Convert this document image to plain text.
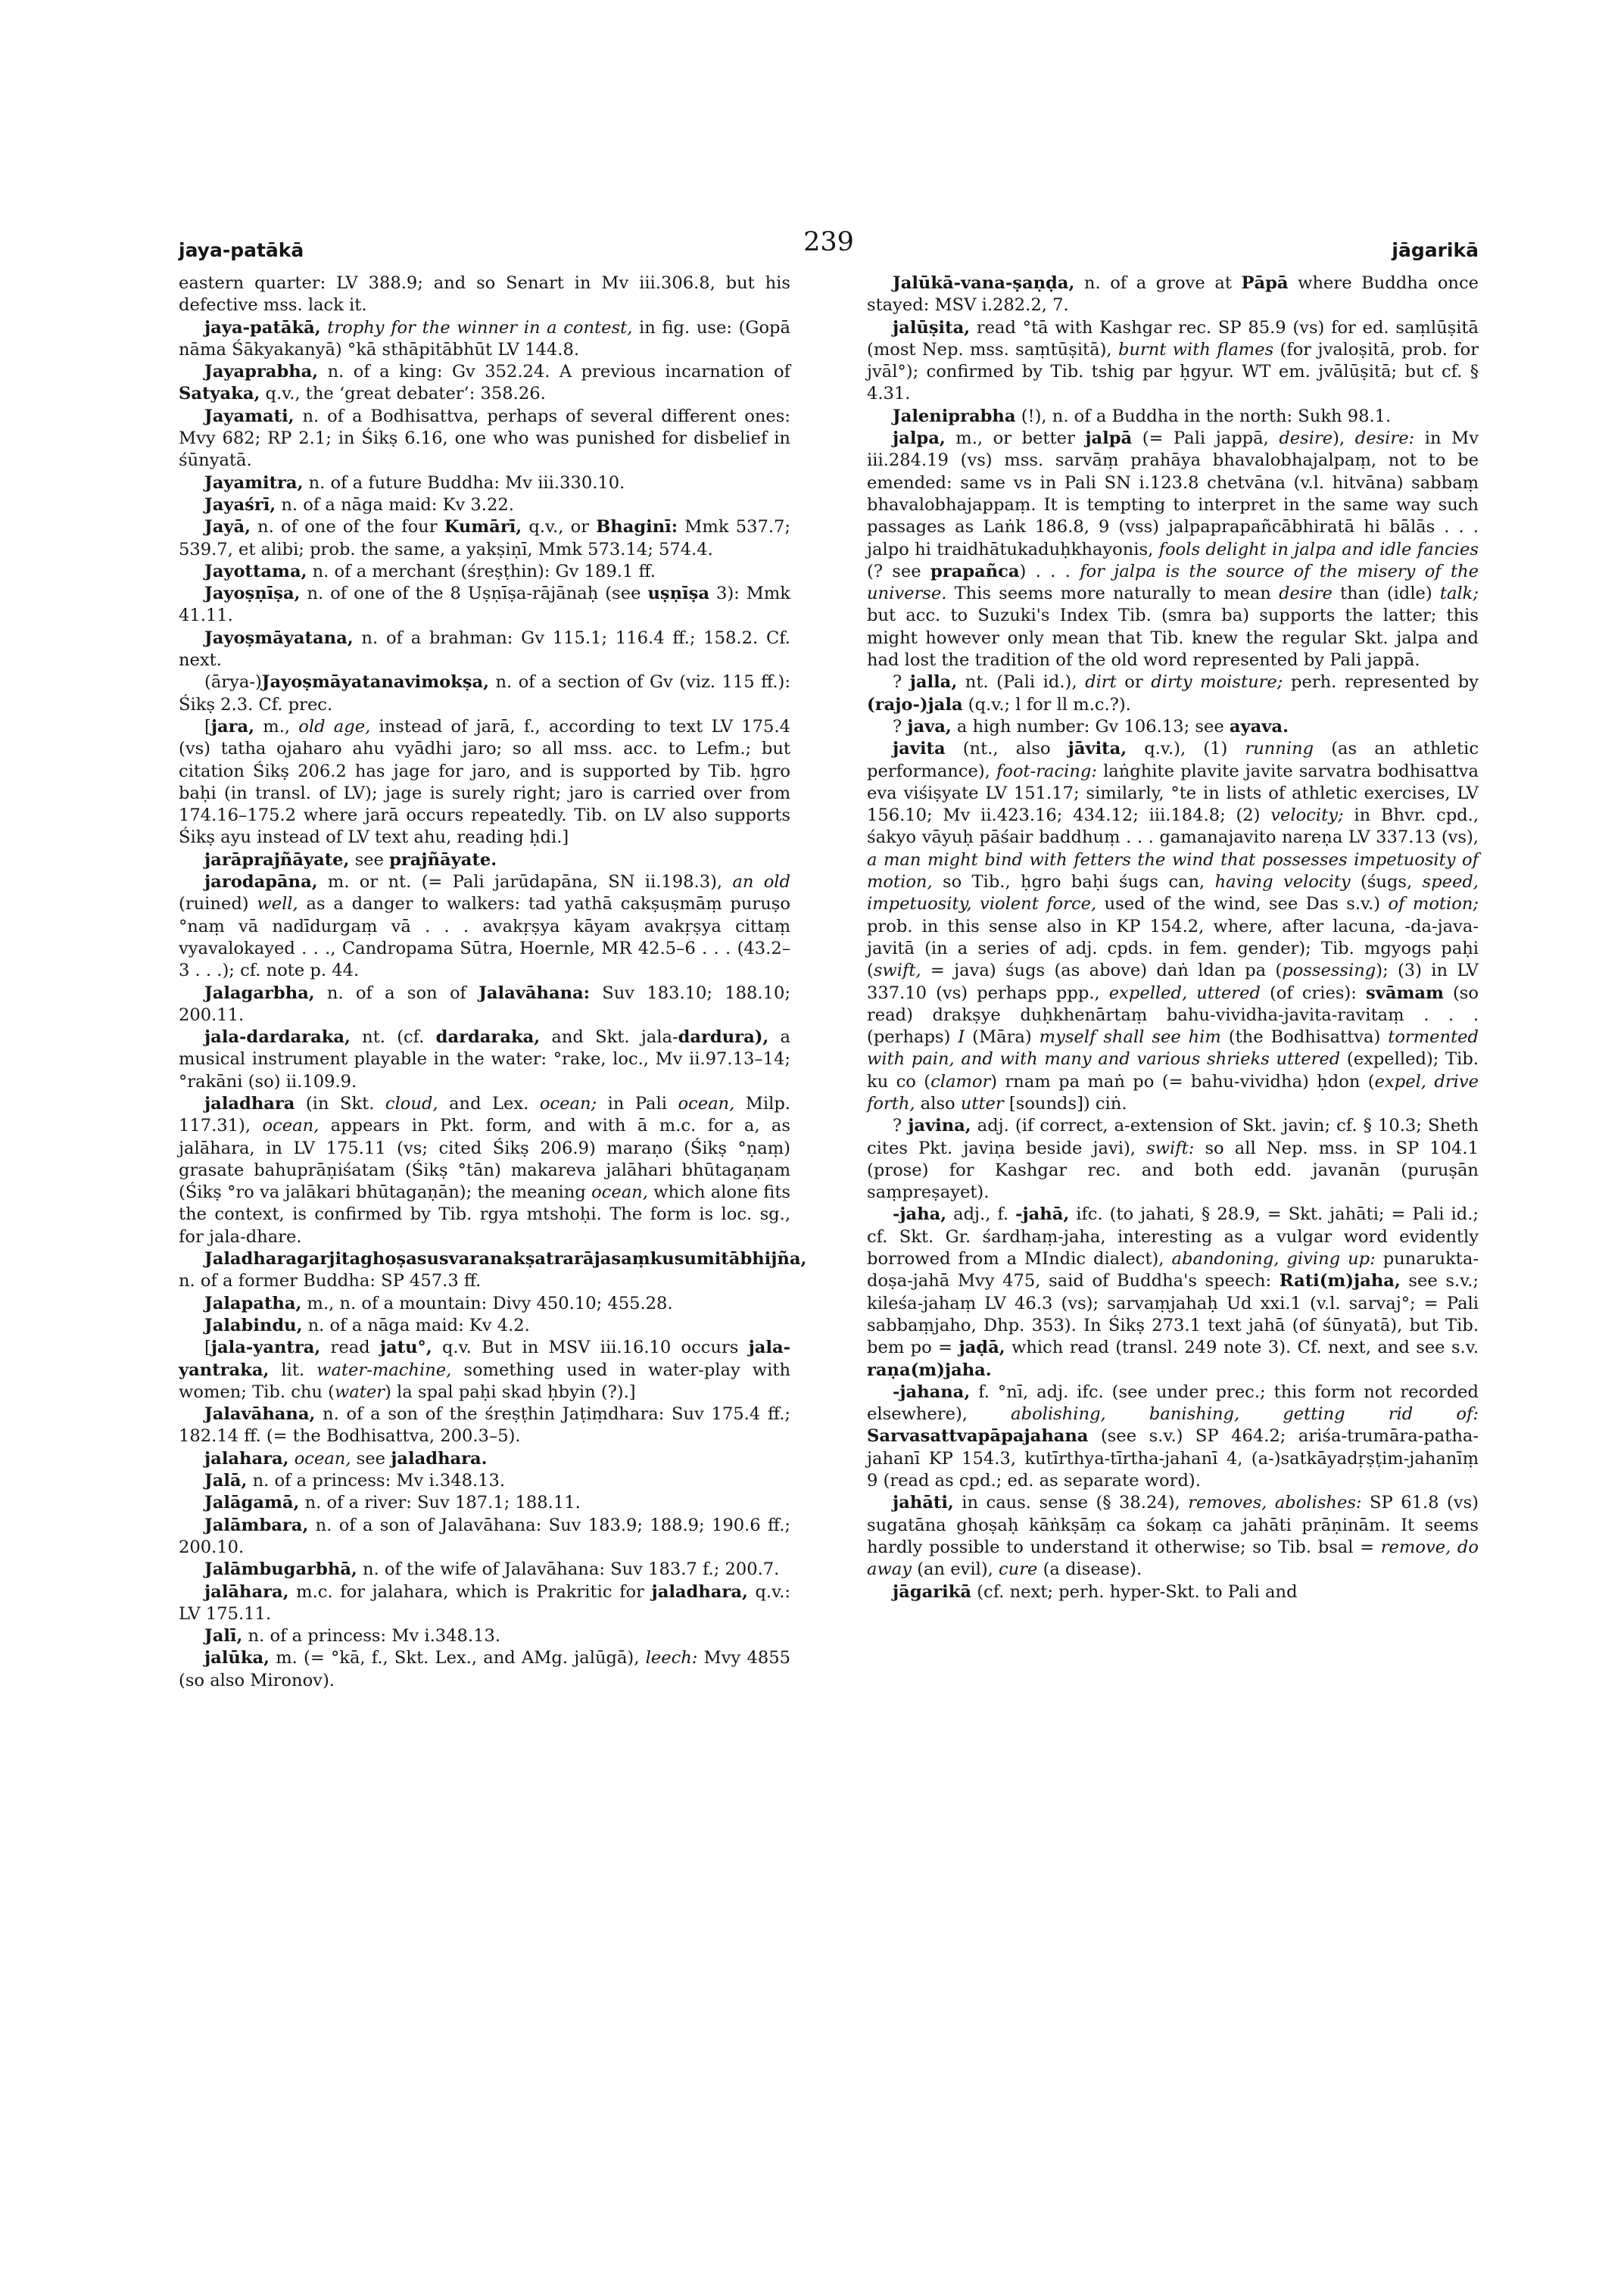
jaya-patākā	239	jāgarikā

eastern quarter: LV 388.9; and so Senart in Mv iii.306.8, but his defective mss. lack it.

jaya-patākā, trophy for the winner in a contest, in fig. use: (Gopā nāma Śākyakanyā) °kā sthāpitābhūt LV 144.8.

Jayaprabha, n. of a king: Gv 352.24. A previous incarnation of Satyaka, q.v., the ‘great debater’: 358.26.

Jayamati, n. of a Bodhisattva, perhaps of several different ones: Mvy 682; RP 2.1; in Śikṣ 6.16, one who was punished for disbelief in śūnyatā.

Jayamitra, n. of a future Buddha: Mv iii.330.10.

Jayaśrī, n. of a nāga maid: Kv 3.22.

Jayā, n. of one of the four Kumārī, q.v., or Bhaginī: Mmk 537.7; 539.7, et alibi; prob. the same, a yakṣiṇī, Mmk 573.14; 574.4.

Jayottama, n. of a merchant (śreṣṭhin): Gv 189.1 ff.

Jayoṣṇīṣa, n. of one of the 8 Uṣṇīṣa-rājānaḥ (see uṣṇīṣa 3): Mmk 41.11.

Jayoṣmāyatana, n. of a brahman: Gv 115.1; 116.4 ff.; 158.2. Cf. next.

(ārya-)Jayoṣmāyatanavimokṣa, n. of a section of Gv (viz. 115 ff.): Śikṣ 2.3. Cf. prec.

[jara, m., old age, instead of jarā, f., according to text LV 175.4 (vs) tatha ojaharo ahu vyādhi jaro; so all mss. acc. to Lefm.; but citation Śikṣ 206.2 has jage for jaro, and is supported by Tib. ḥgro baḥi (in transl. of LV); jage is surely right; jaro is carried over from 174.16–175.2 where jarā occurs repeatedly. Tib. on LV also supports Śikṣ ayu instead of LV text ahu, reading ḥdi.]

jarāprajñāyate, see prajñāyate.

jarodapāna, m. or nt. (= Pali jarūdapāna, SN ii.198.3), an old (ruined) well, as a danger to walkers: tad yathā cakṣuṣmāṃ puruṣo °naṃ vā nadīdurgaṃ vā . . . avakṛṣya kāyam avakṛṣya cittaṃ vyavalokayed . . ., Candropama Sūtra, Hoernle, MR 42.5–6 . . . (43.2–3 . . .); cf. note p. 44.

Jalagarbha, n. of a son of Jalavāhana: Suv 183.10; 188.10; 200.11.

jala-dardaraka, nt. (cf. dardaraka, and Skt. jala-dardura), a musical instrument playable in the water: °rake, loc., Mv ii.97.13–14; °rakāni (so) ii.109.9.

jaladhara (in Skt. cloud, and Lex. ocean; in Pali ocean, Milp. 117.31), ocean, appears in Pkt. form, and with ā m.c. for a, as jalāhara, in LV 175.11 (vs; cited Śikṣ 206.9) maraṇo (Śikṣ °ṇaṃ) grasate bahuprāṇiśatam (Śikṣ °tān) makareva jalāhari bhūtagaṇam (Śikṣ °ro va jalākari bhūtagaṇān); the meaning ocean, which alone fits the context, is confirmed by Tib. rgya mtshoḥi. The form is loc. sg., for jala-dhare.

Jaladharagarjitaghoṣasusvaranakṣatrarājasaṃkusumitābhijña, n. of a former Buddha: SP 457.3 ff.

Jalapatha, m., n. of a mountain: Divy 450.10; 455.28.

Jalabindu, n. of a nāga maid: Kv 4.2.

[jala-yantra, read jatu°, q.v. But in MSV iii.16.10 occurs jala-yantraka, lit. water-machine, something used in water-play with women; Tib. chu (water) la spal paḥi skad ḥbyin (?).]

Jalavāhana, n. of a son of the śreṣṭhin Jaṭiṃdhara: Suv 175.4 ff.; 182.14 ff. (= the Bodhisattva, 200.3–5).

jalahara, ocean, see jaladhara.

Jalā, n. of a princess: Mv i.348.13.

Jalāgamā, n. of a river: Suv 187.1; 188.11.

Jalāmbara, n. of a son of Jalavāhana: Suv 183.9; 188.9; 190.6 ff.; 200.10.

Jalāmbugarbhā, n. of the wife of Jalavāhana: Suv 183.7 f.; 200.7.

jalāhara, m.c. for jalahara, which is Prakritic for jaladhara, q.v.: LV 175.11.

Jalī, n. of a princess: Mv i.348.13.

jalūka, m. (= °kā, f., Skt. Lex., and AMg. jalūgā), leech: Mvy 4855 (so also Mironov).

Jalūkā-vana-ṣaṇḍa, n. of a grove at Pāpā where Buddha once stayed: MSV i.282.2, 7.

jalūṣita, read °tā with Kashgar rec. SP 85.9 (vs) for ed. saṃlūṣitā (most Nep. mss. saṃtūṣitā), burnt with flames (for jvaloṣitā, prob. for jvāl°); confirmed by Tib. tshig par ḥgyur. WT em. jvālūṣitā; but cf. § 4.31.

Jaleniprabha (!), n. of a Buddha in the north: Sukh 98.1.

jalpa, m., or better jalpā (= Pali jappā, desire), desire: in Mv iii.284.19 (vs) mss. sarvāṃ prahāya bhavalobhajalpaṃ, not to be emended: same vs in Pali SN i.123.8 chetvāna (v.l. hitvāna) sabbaṃ bhavalobhajappaṃ. It is tempting to interpret in the same way such passages as Laṅk 186.8, 9 (vss) jalpaprapañcābhiratā hi bālās . . . jalpo hi traidhātukaduḥkhayonis, fools delight in jalpa and idle fancies (? see prapañca) . . . for jalpa is the source of the misery of the universe. This seems more naturally to mean desire than (idle) talk; but acc. to Suzuki's Index Tib. (smra ba) supports the latter; this might however only mean that Tib. knew the regular Skt. jalpa and had lost the tradition of the old word represented by Pali jappā.

? jalla, nt. (Pali id.), dirt or dirty moisture; perh. represented by (rajo-)jala (q.v.; l for ll m.c.?).

? java, a high number: Gv 106.13; see ayava.

javita (nt., also jāvita, q.v.), (1) running (as an athletic performance), foot-racing: laṅghite plavite javite sarvatra bodhisattva eva viśiṣyate LV 151.17; similarly, °te in lists of athletic exercises, LV 156.10; Mv ii.423.16; 434.12; iii.184.8; (2) velocity; in Bhvr. cpd., śakyo vāyuḥ pāśair baddhuṃ . . . gamanajavito nareṇa LV 337.13 (vs), a man might bind with fetters the wind that possesses impetuosity of motion, so Tib., ḥgro baḥi śugs can, having velocity (śugs, speed, impetuosity, violent force, used of the wind, see Das s.v.) of motion; prob. in this sense also in KP 154.2, where, after lacuna, -da-java-javitā (in a series of adj. cpds. in fem. gender); Tib. mgyogs paḥi (swift, = java) śugs (as above) daṅ ldan pa (possessing); (3) in LV 337.10 (vs) perhaps ppp., expelled, uttered (of cries): svāmam (so read) drakṣye duḥkhenārtaṃ bahu-vividha-javita-ravitaṃ . . . (perhaps) I (Māra) myself shall see him (the Bodhisattva) tormented with pain, and with many and various shrieks uttered (expelled); Tib. ku co (clamor) rnam pa maṅ po (= bahu-vividha) ḥdon (expel, drive forth, also utter [sounds]) ciṅ.

? javina, adj. (if correct, a-extension of Skt. javin; cf. § 10.3; Sheth cites Pkt. javiṇa beside javi), swift: so all Nep. mss. in SP 104.1 (prose) for Kashgar rec. and both edd. javanān (puruṣān saṃpreṣayet).

-jaha, adj., f. -jahā, ifc. (to jahati, § 28.9, = Skt. jahāti; = Pali id.; cf. Skt. Gr. śardhaṃ-jaha, interesting as a vulgar word evidently borrowed from a MIndic dialect), abandoning, giving up: punarukta-doṣa-jahā Mvy 475, said of Buddha's speech: Rati(m)jaha, see s.v.; kileśa-jahaṃ LV 46.3 (vs); sarvaṃjahaḥ Ud xxi.1 (v.l. sarvaj°; = Pali sabbaṃjaho, Dhp. 353). In Śikṣ 273.1 text jahā (of śūnyatā), but Tib. bem po = jaḍā, which read (transl. 249 note 3). Cf. next, and see s.v. raṇa(m)jaha.

-jahana, f. °nī, adj. ifc. (see under prec.; this form not recorded elsewhere), abolishing, banishing, getting rid of: Sarvasattvapāpajahana (see s.v.) SP 464.2; ariśa-trumāra-patha-jahanī KP 154.3, kutīrthya-tīrtha-jahanī 4, (a-)satkāyadṛṣṭim-jahanīṃ 9 (read as cpd.; ed. as separate word).

jahāti, in caus. sense (§ 38.24), removes, abolishes: SP 61.8 (vs) sugatāna ghoṣaḥ kāṅkṣāṃ ca śokaṃ ca jahāti prāṇinām. It seems hardly possible to understand it otherwise; so Tib. bsal = remove, do away (an evil), cure (a disease).

jāgarikā (cf. next; perh. hyper-Skt. to Pali and
